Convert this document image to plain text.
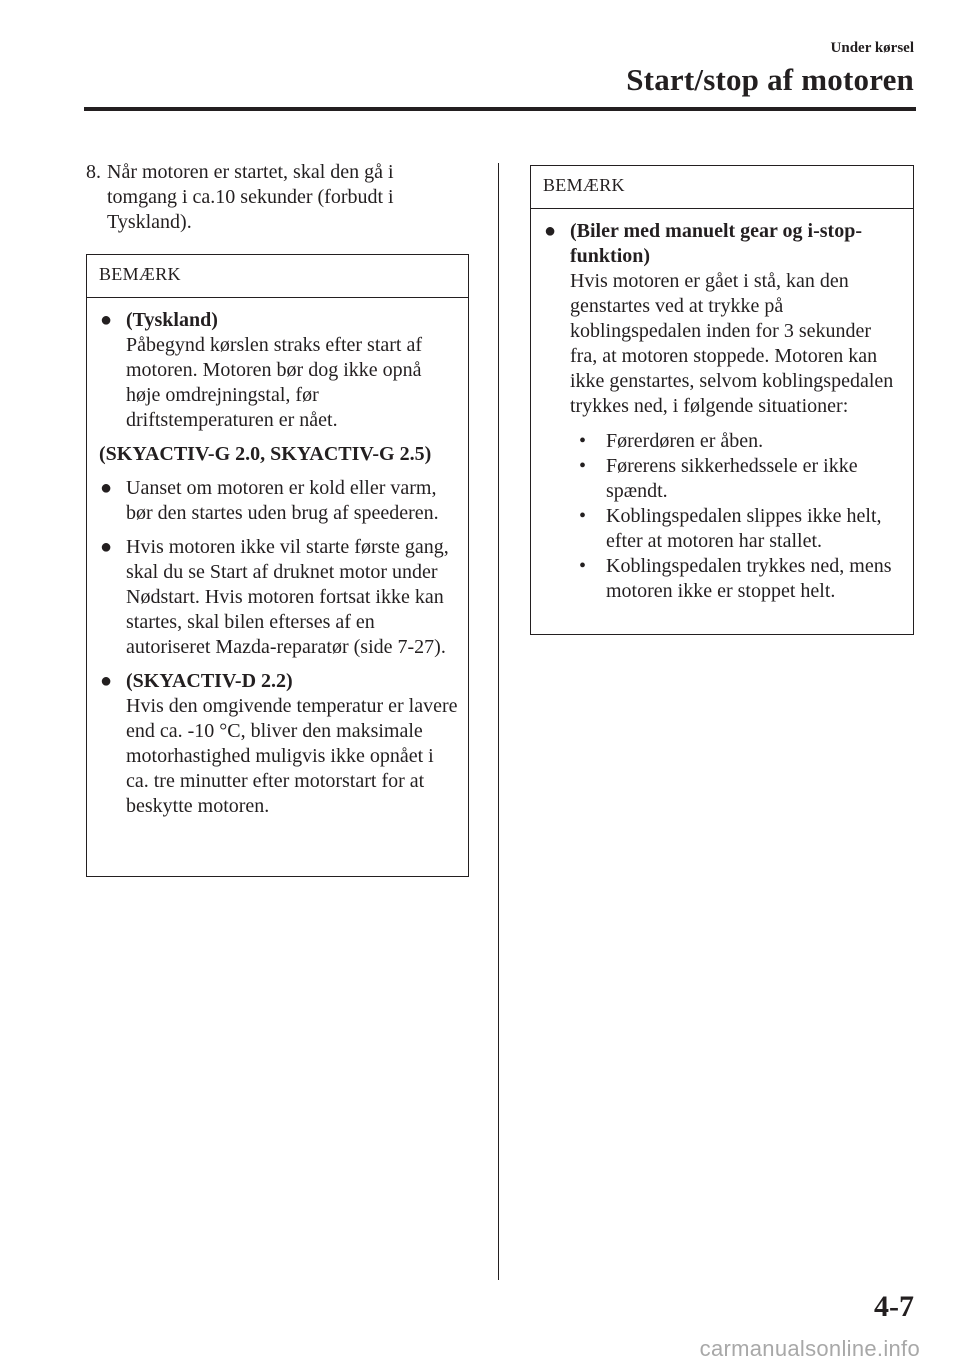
Under kørsel
Start/stop af motoren
8. Når motoren er startet, skal den gå i tomgang i ca.10 sekunder (forbudt i Tyskland).
BEMÆRK
● (Tyskland)
Påbegynd kørslen straks efter start af motoren. Motoren bør dog ikke opnå høje omdrejningstal, før driftstemperaturen er nået.
(SKYACTIV-G 2.0, SKYACTIV-G 2.5)
● Uanset om motoren er kold eller varm, bør den startes uden brug af speederen.
● Hvis motoren ikke vil starte første gang, skal du se Start af druknet motor under Nødstart. Hvis motoren fortsat ikke kan startes, skal bilen efterses af en autoriseret Mazda-reparatør (side 7-27).
● (SKYACTIV-D 2.2)
Hvis den omgivende temperatur er lavere end ca. -10 °C, bliver den maksimale motorhastighed muligvis ikke opnået i ca. tre minutter efter motorstart for at beskytte motoren.
BEMÆRK
● (Biler med manuelt gear og i-stop-funktion)
Hvis motoren er gået i stå, kan den genstartes ved at trykke på koblingspedalen inden for 3 sekunder fra, at motoren stoppede. Motoren kan ikke genstartes, selvom koblingspedalen trykkes ned, i følgende situationer:
• Førerdøren er åben.
• Førerens sikkerhedssele er ikke spændt.
• Koblingspedalen slippes ikke helt, efter at motoren har stallet.
• Koblingspedalen trykkes ned, mens motoren ikke er stoppet helt.
4-7
carmanualsonline.info
